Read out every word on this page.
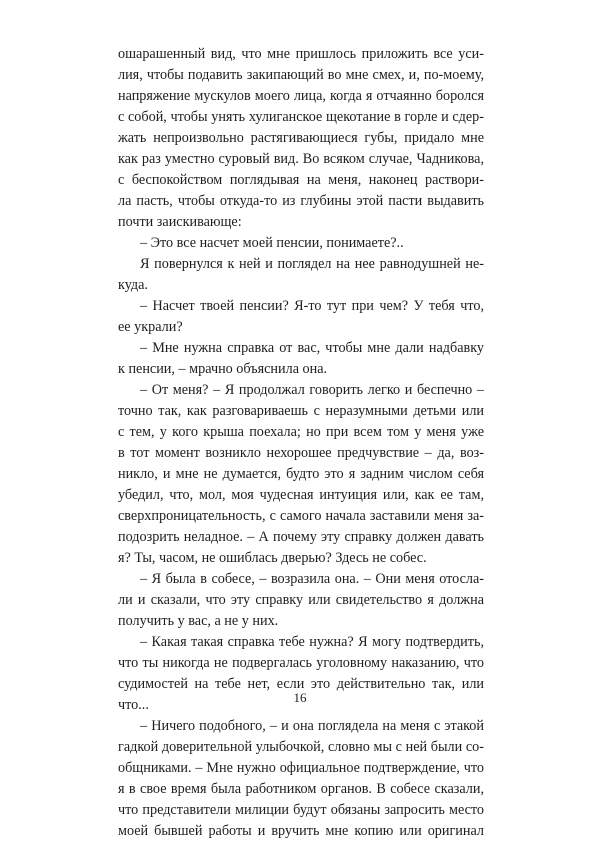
ошарашенный вид, что мне пришлось приложить все уси-
лия, чтобы подавить закипающий во мне смех, и, по-моему,
напряжение мускулов моего лица, когда я отчаянно боролся
с собой, чтобы унять хулиганское щекотание в горле и сдер-
жать непроизвольно растягивающиеся губы, придало мне
как раз уместно суровый вид. Во всяком случае, Чадникова,
с беспокойством поглядывая на меня, наконец раствори-
ла пасть, чтобы откуда-то из глубины этой пасти выдавить
почти заискивающе:
– Это все насчет моей пенсии, понимаете?..
Я повернулся к ней и поглядел на нее равнодушней не-
куда.
– Насчет твоей пенсии? Я-то тут при чем? У тебя что,
ее украли?
– Мне нужна справка от вас, чтобы мне дали надбавку
к пенсии, – мрачно объяснила она.
– От меня? – Я продолжал говорить легко и беспечно –
точно так, как разговариваешь с неразумными детьми или
с тем, у кого крыша поехала; но при всем том у меня уже
в тот момент возникло нехорошее предчувствие – да, воз-
никло, и мне не думается, будто это я задним числом себя
убедил, что, мол, моя чудесная интуиция или, как ее там,
сверхпроницательность, с самого начала заставили меня за-
подозрить неладное. – А почему эту справку должен давать
я? Ты, часом, не ошиблась дверью? Здесь не собес.
– Я была в собесе, – возразила она. – Они меня отосла-
ли и сказали, что эту справку или свидетельство я должна
получить у вас, а не у них.
– Какая такая справка тебе нужна? Я могу подтвердить,
что ты никогда не подвергалась уголовному наказанию, что
судимостей на тебе нет, если это действительно так, или
что...
– Ничего подобного, – и она поглядела на меня с этакой
гадкой доверительной улыбочкой, словно мы с ней были со-
общниками. – Мне нужно официальное подтверждение, что
я в свое время была работником органов. В собесе сказали,
что представители милиции будут обязаны запросить место
моей бывшей работы и вручить мне копию или оригинал
16
